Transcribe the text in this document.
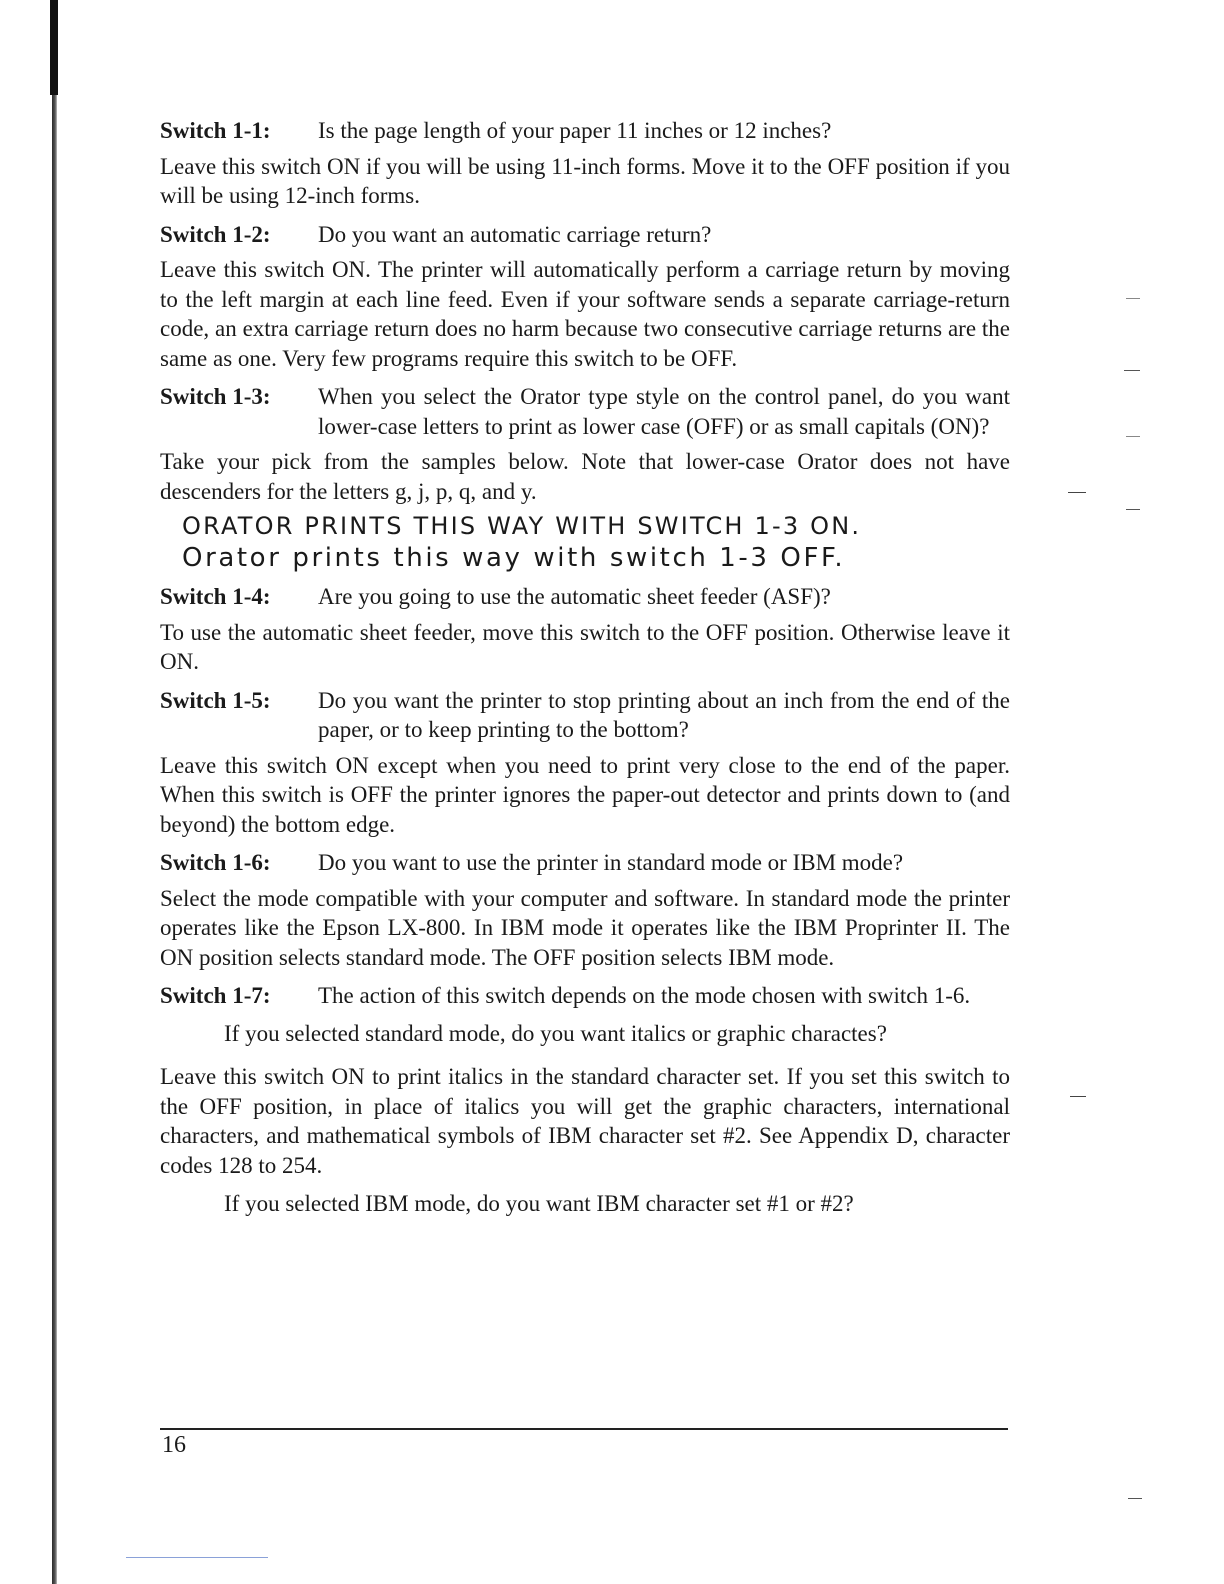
Switch 1-1:	Is the page length of your paper 11 inches or 12 inches?

Leave this switch ON if you will be using 11-inch forms. Move it to the OFF position if you will be using 12-inch forms.

Switch 1-2:	Do you want an automatic carriage return?

Leave this switch ON. The printer will automatically perform a carriage return by moving to the left margin at each line feed. Even if your software sends a separate carriage-return code, an extra carriage return does no harm because two consecutive carriage returns are the same as one. Very few programs require this switch to be OFF.

Switch 1-3:	When you select the Orator type style on the control panel, do you want lower-case letters to print as lower case (OFF) or as small capitals (ON)?

Take your pick from the samples below. Note that lower-case Orator does not have descenders for the letters g, j, p, q, and y.

ORATOR PRINTS THIS WAY WITH SWITCH 1-3 ON.
Orator prints this way with switch 1-3 OFF.
Switch 1-4:	Are you going to use the automatic sheet feeder (ASF)?

To use the automatic sheet feeder, move this switch to the OFF position. Otherwise leave it ON.

Switch 1-5:	Do you want the printer to stop printing about an inch from the end of the paper, or to keep printing to the bottom?

Leave this switch ON except when you need to print very close to the end of the paper. When this switch is OFF the printer ignores the paper-out detector and prints down to (and beyond) the bottom edge.

Switch 1-6:	Do you want to use the printer in standard mode or IBM mode?

Select the mode compatible with your computer and software. In standard mode the printer operates like the Epson LX-800. In IBM mode it operates like the IBM Proprinter II. The ON position selects standard mode. The OFF position selects IBM mode.

Switch 1-7:	The action of this switch depends on the mode chosen with switch 1-6.

If you selected standard mode, do you want italics or graphic charactes?

Leave this switch ON to print italics in the standard character set. If you set this switch to the OFF position, in place of italics you will get the graphic characters, international characters, and mathematical symbols of IBM character set #2. See Appendix D, character codes 128 to 254.

If you selected IBM mode, do you want IBM character set #1 or #2?

16
